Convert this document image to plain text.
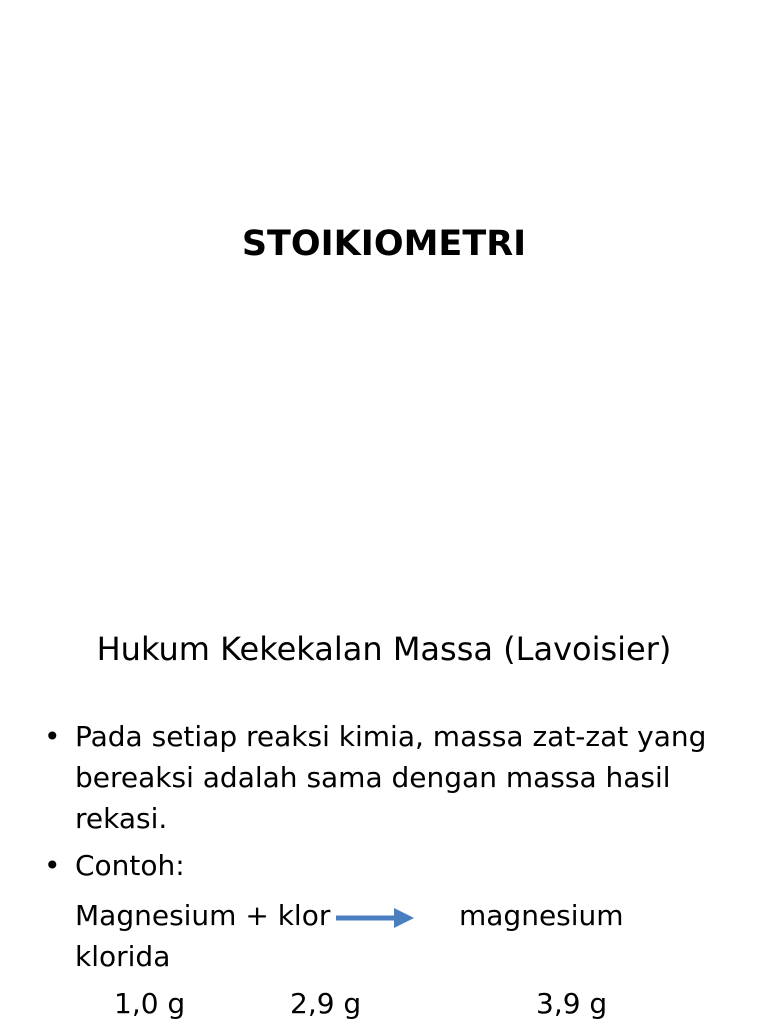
STOIKIOMETRI
Hukum Kekekalan Massa (Lavoisier)
• Pada setiap reaksi kimia, massa zat-zat yang bereaksi adalah sama dengan massa hasil rekasi.
• Contoh:
Magnesium + klor	magnesium
klorida
1,0 g	2,9 g	3,9 g
